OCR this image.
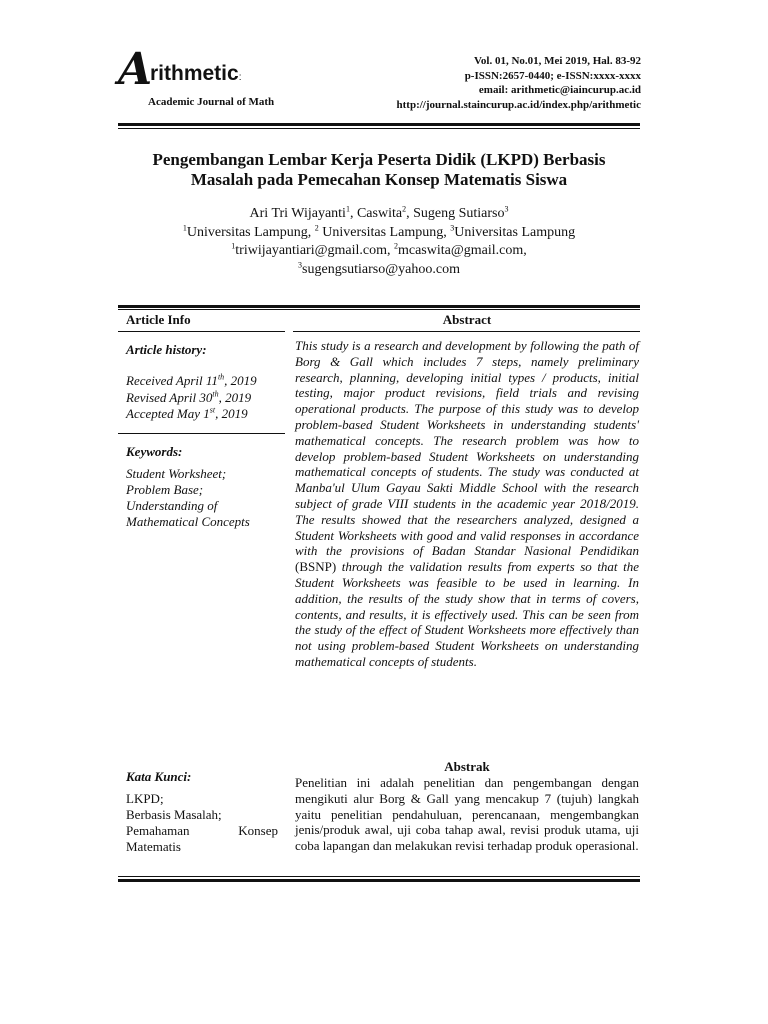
A
rithmetic:
Academic Journal of Math
Vol. 01, No.01, Mei 2019, Hal. 83-92
p-ISSN:2657-0440; e-ISSN:xxxx-xxxx
email: arithmetic@iaincurup.ac.id
http://journal.staincurup.ac.id/index.php/arithmetic
Pengembangan Lembar Kerja Peserta Didik (LKPD) Berbasis
Masalah pada Pemecahan Konsep Matematis Siswa
Ari Tri Wijayanti$^1$, Caswita$^2$, Sugeng Sutiarso$^3$
$^1$Universitas Lampung, $^2$ Universitas Lampung, $^3$Universitas Lampung
$^1$triwijayantiari@gmail.com, $^2$mcaswita@gmail.com,
$^3$sugengsutiarso@yahoo.com
Article Info	Abstract
Article history:
Received April 11th, 2019
Revised April 30th, 2019
Accepted May 1st, 2019
Keywords:
Student Worksheet;
Problem Base;
Understanding of
Mathematical Concepts
Kata Kunci:
LKPD;
Berbasis Masalah;
Pemahaman Konsep
Matematis

This study is a research and development by following the path of Borg & Gall which includes 7 steps, namely preliminary research, planning, developing initial types / products, initial testing, major product revisions, field trials and revising operational products. The purpose of this study was to develop problem-based Student Worksheets in understanding students' mathematical concepts. The research problem was how to develop problem-based Student Worksheets on understanding mathematical concepts of students. The study was conducted at Manba'ul Ulum Gayau Sakti Middle School with the research subject of grade VIII students in the academic year 2018/2019. The results showed that the researchers analyzed, designed a Student Worksheets with good and valid responses in accordance with the provisions of Badan Standar Nasional Pendidikan (BSNP) through the validation results from experts so that the Student Worksheets was feasible to be used in learning. In addition, the results of the study show that in terms of covers, contents, and results, it is effectively used. This can be seen from the study of the effect of Student Worksheets more effectively than not using problem-based Student Worksheets on understanding mathematical concepts of students.

Abstrak

Penelitian ini adalah penelitian dan pengembangan dengan mengikuti alur Borg & Gall yang mencakup 7 (tujuh) langkah yaitu penelitian pendahuluan, perencanaan, mengembangkan jenis/produk awal, uji coba tahap awal, revisi produk utama, uji coba lapangan dan melakukan revisi terhadap produk operasional.
